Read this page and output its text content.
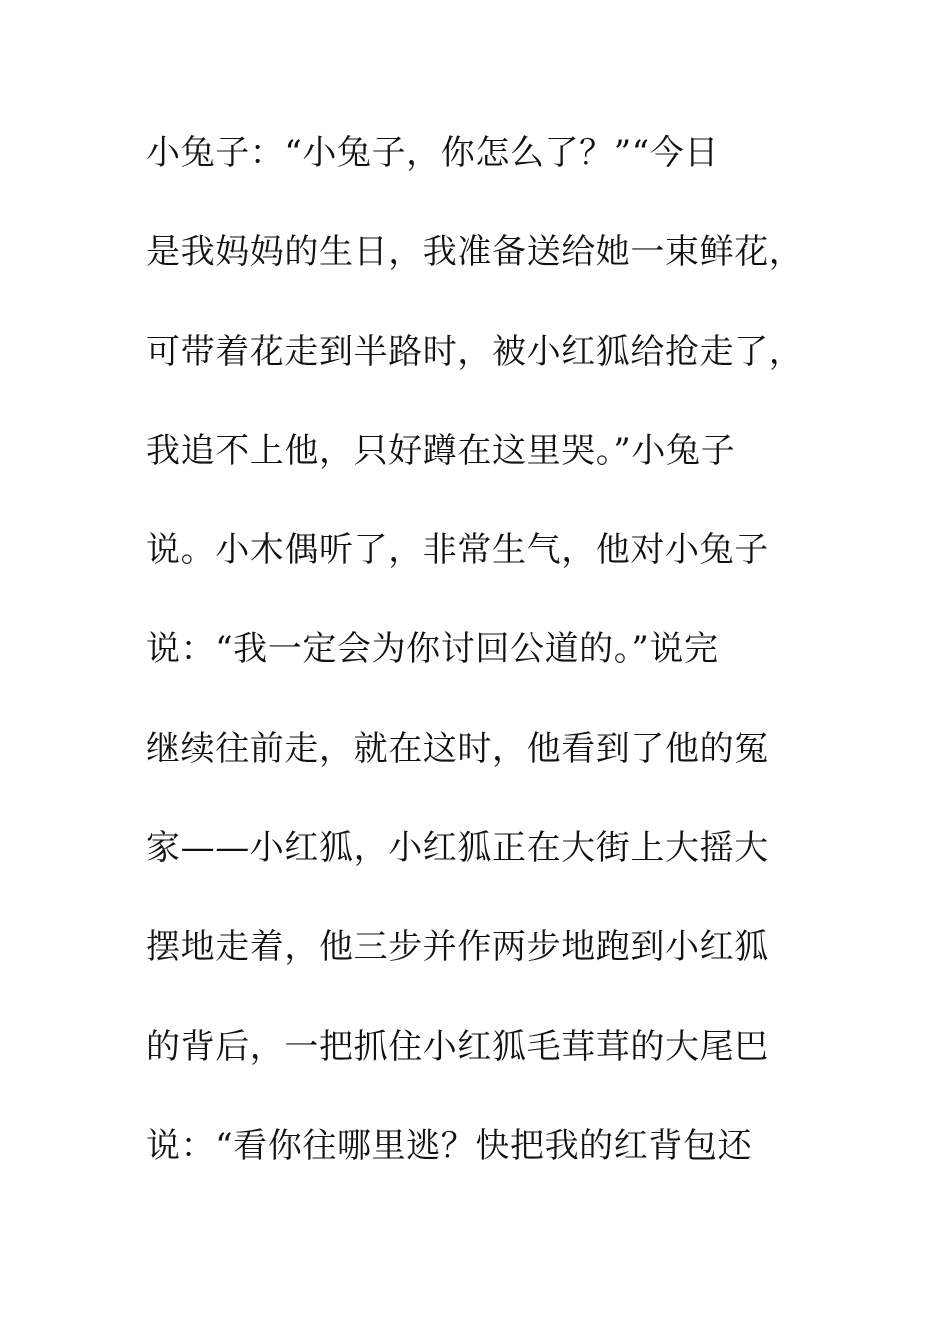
小兔子：“小兔子，你怎么了？”“今日
是我妈妈的生日，我准备送给她一束鲜花，
可带着花走到半路时，被小红狐给抢走了，
我追不上他，只好蹲在这里哭。”小兔子
说。小木偶听了，非常生气，他对小兔子
说：“我一定会为你讨回公道的。”说完
继续往前走，就在这时，他看到了他的冤
家——小红狐，小红狐正在大街上大摇大
摆地走着，他三步并作两步地跑到小红狐
的背后，一把抓住小红狐毛茸茸的大尾巴
说：“看你往哪里逃？快把我的红背包还
